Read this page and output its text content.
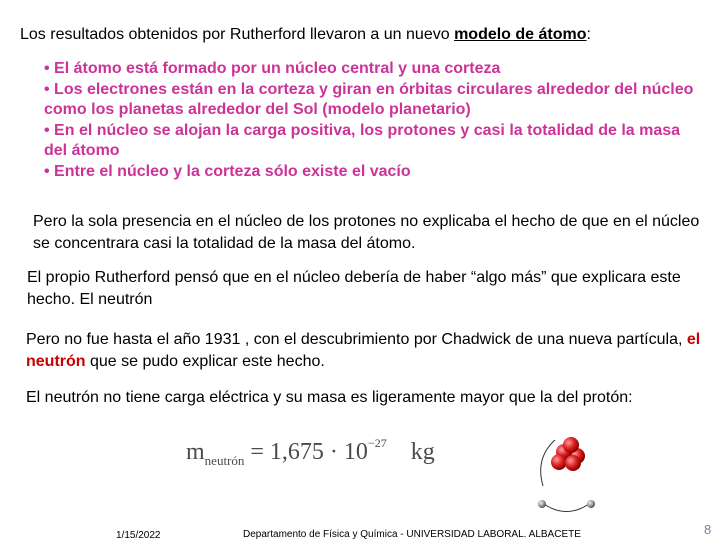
Los resultados obtenidos por Rutherford llevaron a un nuevo modelo de átomo:
• El átomo está formado por un núcleo central y una corteza
• Los electrones están en la corteza y giran en órbitas circulares alrededor del núcleo como los planetas alrededor del Sol (modelo planetario)
• En el núcleo se alojan la carga positiva, los protones y casi la totalidad de la masa del átomo
• Entre el núcleo y la corteza sólo existe el vacío
Pero la sola presencia en el núcleo de los protones no explicaba el hecho de que en el núcleo se concentrara casi la totalidad de la masa del átomo.
El propio Rutherford pensó que en el núcleo debería de haber “algo más” que explicara este hecho. El neutrón
Pero no fue hasta el año 1931 , con el descubrimiento por Chadwick de una nueva partícula, el neutrón que se pudo explicar este hecho.
El neutrón no tiene carga eléctrica y su masa es ligeramente mayor que la del protón:
$m_{neutrón} = 1,675 \cdot 10^{-27}$ kg
1/15/2022	Departamento de Física y Química - UNIVERSIDAD LABORAL. ALBACETE	8
